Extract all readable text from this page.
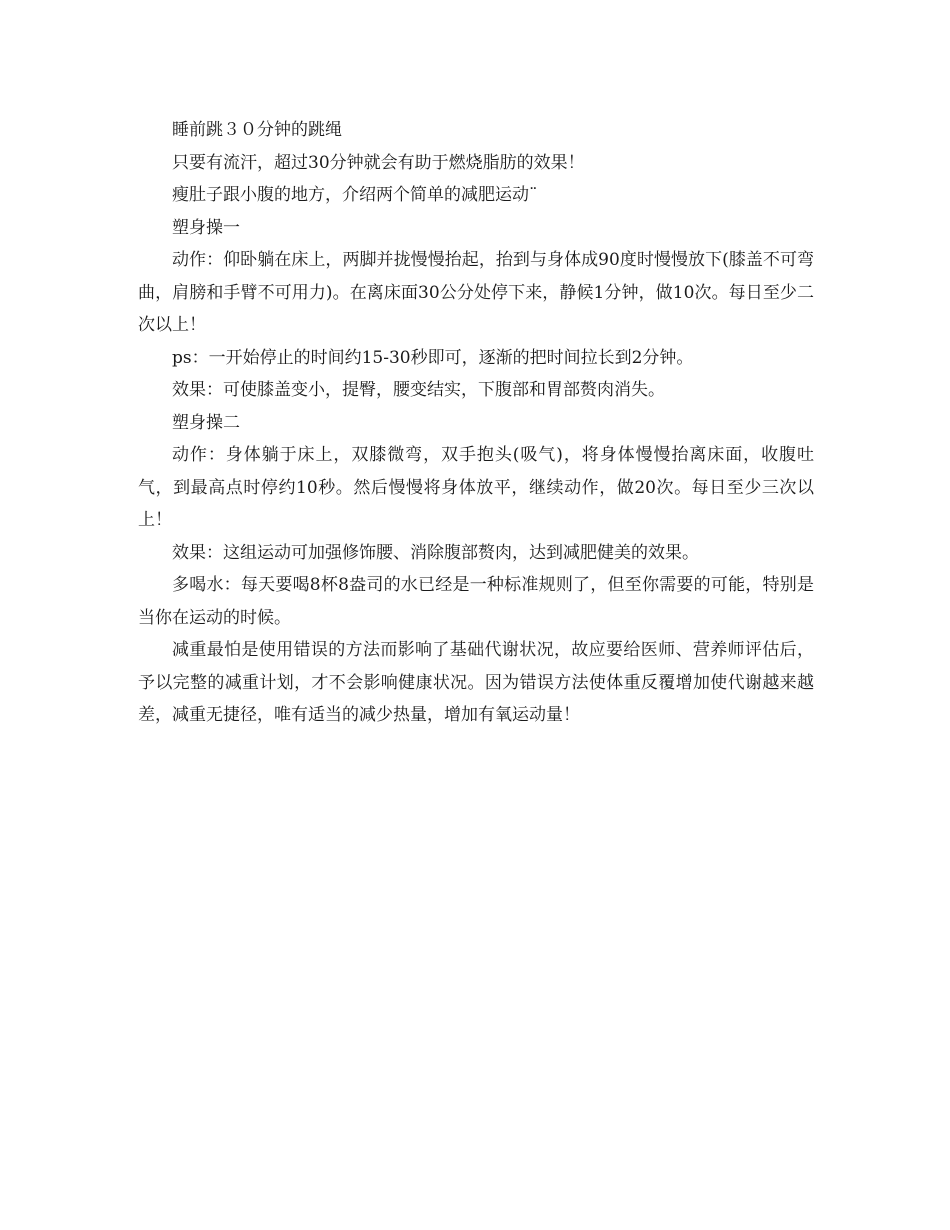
睡前跳３０分钟的跳绳

只要有流汗，超过30分钟就会有助于燃烧脂肪的效果！

瘦肚子跟小腹的地方，介绍两个简单的减肥运动¨

塑身操一

动作：仰卧躺在床上，两脚并拢慢慢抬起，抬到与身体成90度时慢慢放下(膝盖不可弯曲，肩膀和手臂不可用力)。在离床面30公分处停下来，静候1分钟，做10次。每日至少二次以上！

ps：一开始停止的时间约15-30秒即可，逐渐的把时间拉长到2分钟。

效果：可使膝盖变小，提臀，腰变结实，下腹部和胃部赘肉消失。

塑身操二

动作：身体躺于床上，双膝微弯，双手抱头(吸气)，将身体慢慢抬离床面，收腹吐气，到最高点时停约10秒。然后慢慢将身体放平，继续动作，做20次。每日至少三次以上！

效果：这组运动可加强修饰腰、消除腹部赘肉，达到减肥健美的效果。

多喝水：每天要喝8杯8盎司的水已经是一种标准规则了，但至你需要的可能，特别是当你在运动的时候。

减重最怕是使用错误的方法而影响了基础代谢状况，故应要给医师、营养师评估后，予以完整的减重计划，才不会影响健康状况。因为错误方法使体重反覆增加使代谢越来越差，减重无捷径，唯有适当的减少热量，增加有氧运动量！
